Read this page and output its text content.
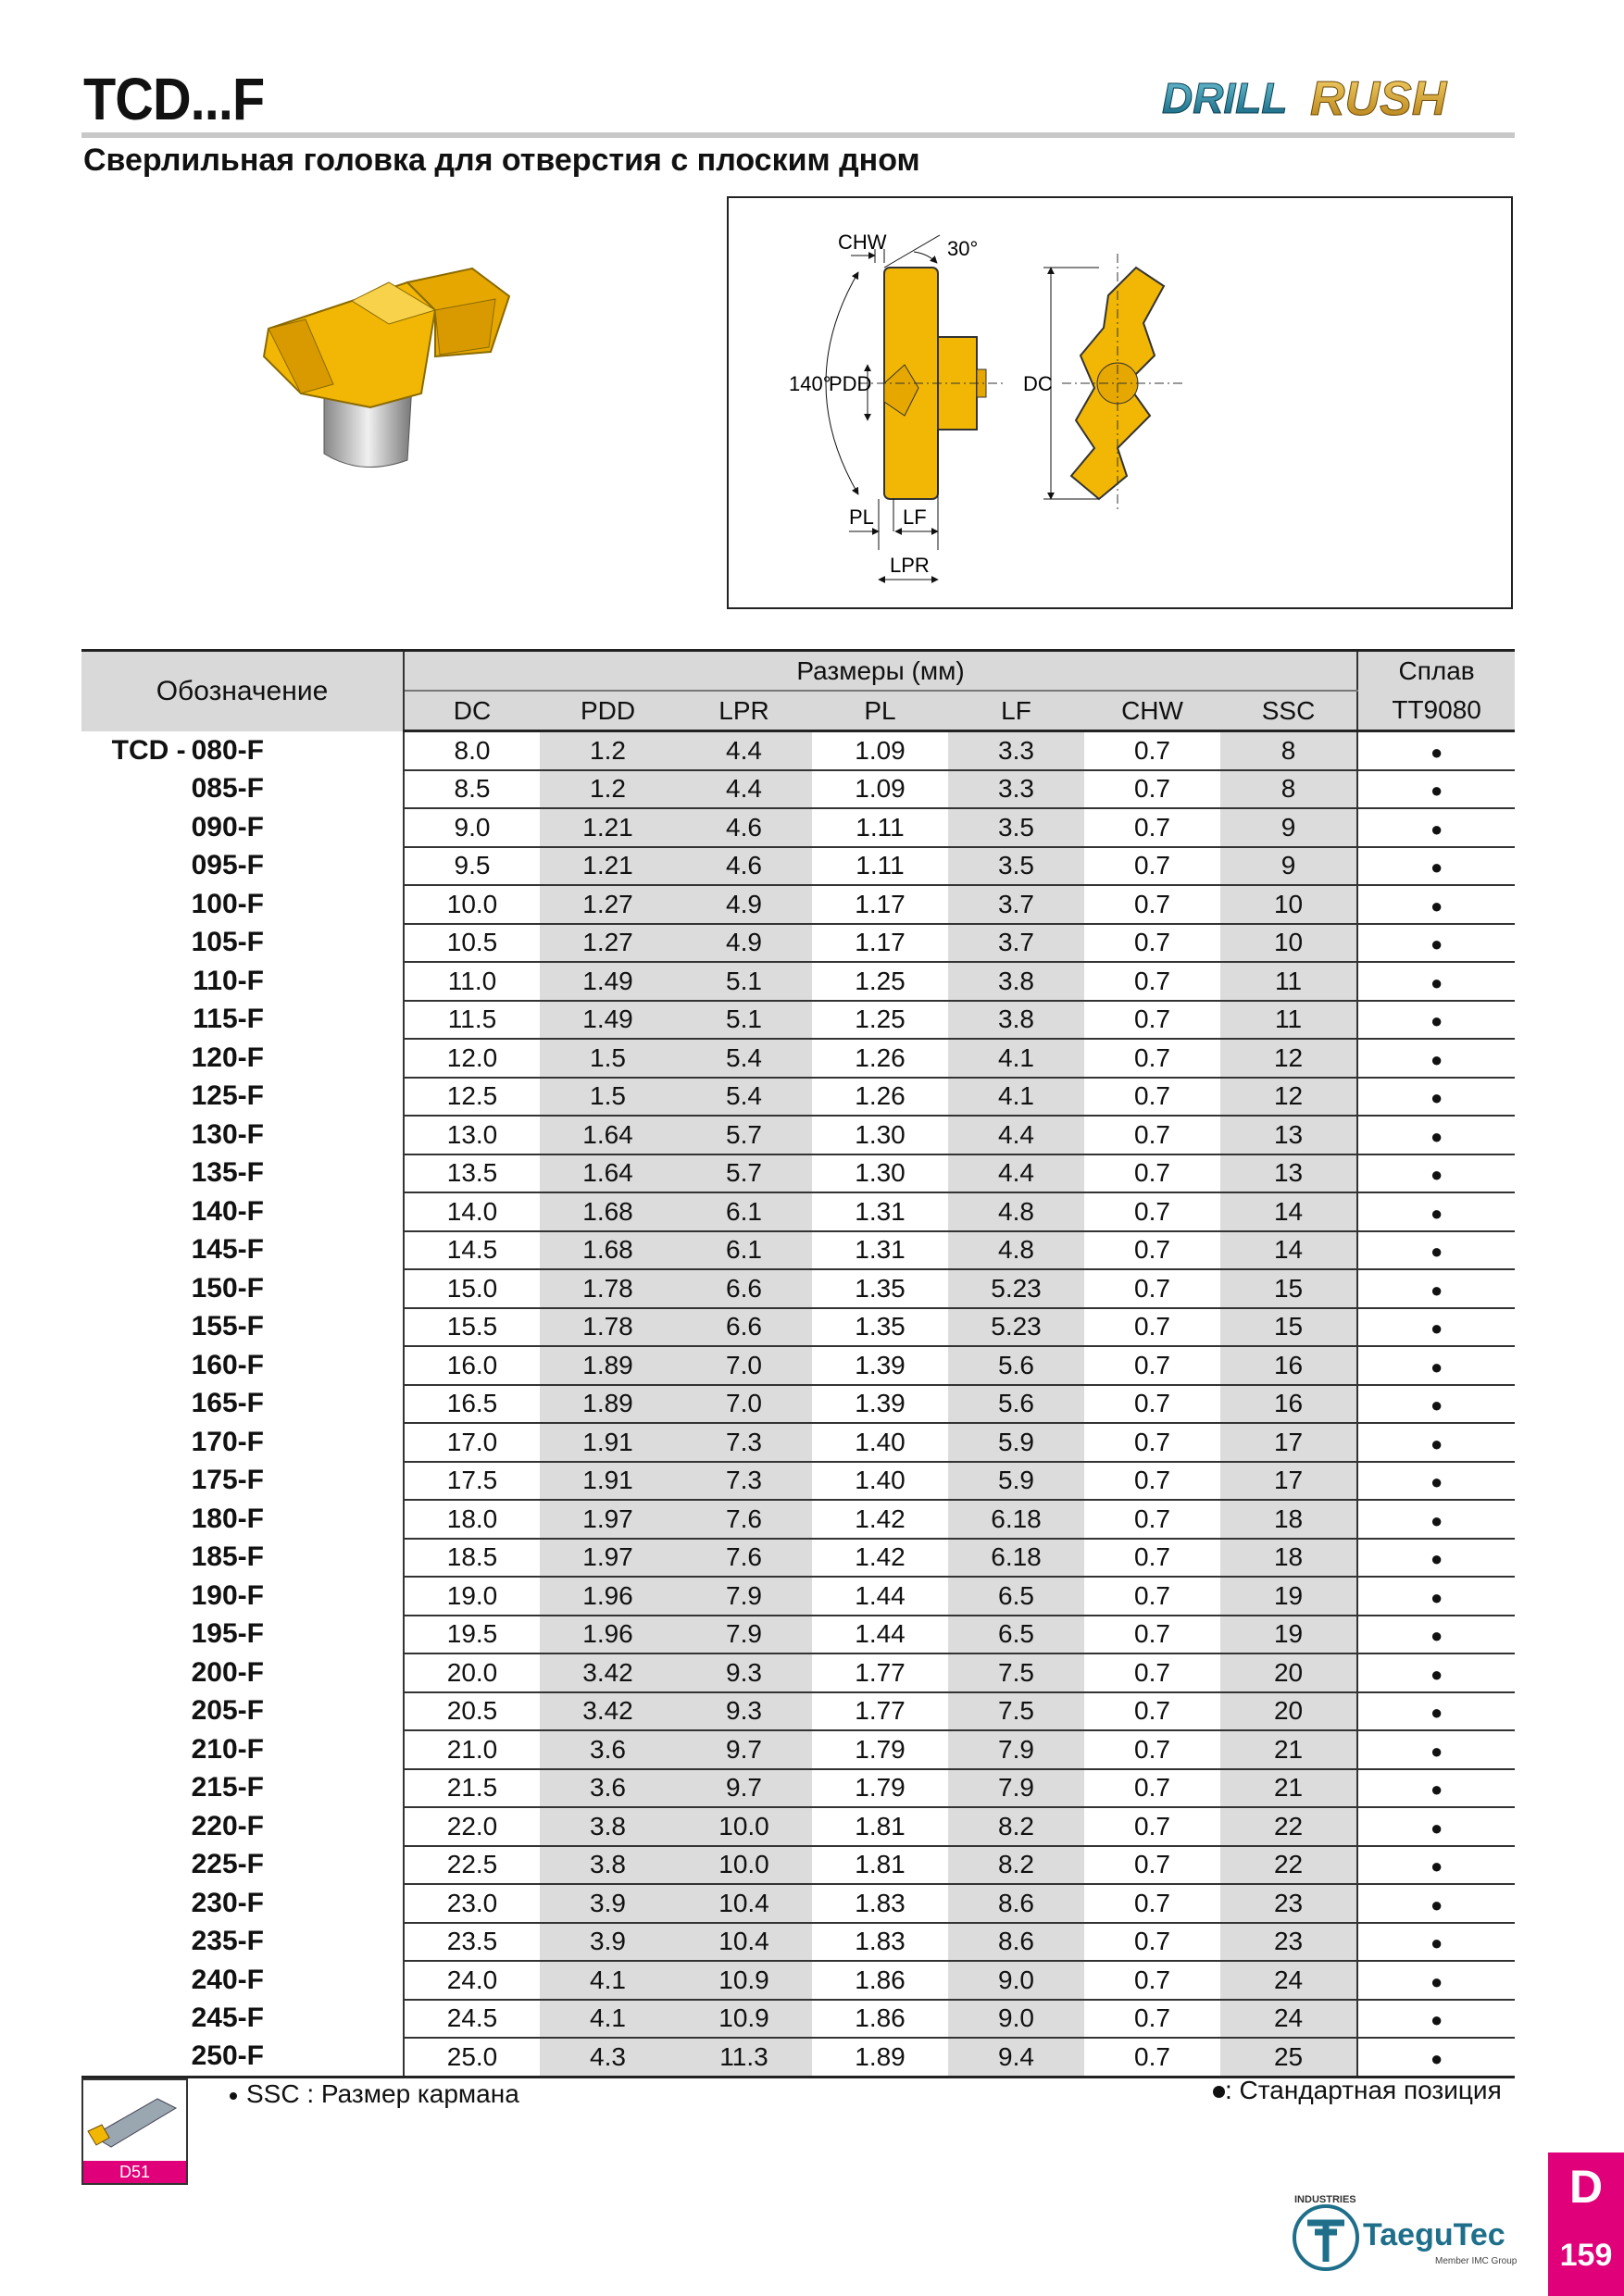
TCD...F	DRILL RUSH
Сверлильная головка для отверстия с плоским дном
CHW	30°
140°
PDD
PL LF
LPR
DC
Обозначение	Размеры (мм)							Сплав
	DC	PDD	LPR	PL	LF	CHW	SSC	TT9080
TCD - 080-F	8.0	1.2	4.4	1.09	3.3	0.7	8	●
085-F	8.5	1.2	4.4	1.09	3.3	0.7	8	●
090-F	9.0	1.21	4.6	1.11	3.5	0.7	9	●
095-F	9.5	1.21	4.6	1.11	3.5	0.7	9	●
100-F	10.0	1.27	4.9	1.17	3.7	0.7	10	●
105-F	10.5	1.27	4.9	1.17	3.7	0.7	10	●
110-F	11.0	1.49	5.1	1.25	3.8	0.7	11	●
115-F	11.5	1.49	5.1	1.25	3.8	0.7	11	●
120-F	12.0	1.5	5.4	1.26	4.1	0.7	12	●
125-F	12.5	1.5	5.4	1.26	4.1	0.7	12	●
130-F	13.0	1.64	5.7	1.30	4.4	0.7	13	●
135-F	13.5	1.64	5.7	1.30	4.4	0.7	13	●
140-F	14.0	1.68	6.1	1.31	4.8	0.7	14	●
145-F	14.5	1.68	6.1	1.31	4.8	0.7	14	●
150-F	15.0	1.78	6.6	1.35	5.23	0.7	15	●
155-F	15.5	1.78	6.6	1.35	5.23	0.7	15	●
160-F	16.0	1.89	7.0	1.39	5.6	0.7	16	●
165-F	16.5	1.89	7.0	1.39	5.6	0.7	16	●
170-F	17.0	1.91	7.3	1.40	5.9	0.7	17	●
175-F	17.5	1.91	7.3	1.40	5.9	0.7	17	●
180-F	18.0	1.97	7.6	1.42	6.18	0.7	18	●
185-F	18.5	1.97	7.6	1.42	6.18	0.7	18	●
190-F	19.0	1.96	7.9	1.44	6.5	0.7	19	●
195-F	19.5	1.96	7.9	1.44	6.5	0.7	19	●
200-F	20.0	3.42	9.3	1.77	7.5	0.7	20	●
205-F	20.5	3.42	9.3	1.77	7.5	0.7	20	●
210-F	21.0	3.6	9.7	1.79	7.9	0.7	21	●
215-F	21.5	3.6	9.7	1.79	7.9	0.7	21	●
220-F	22.0	3.8	10.0	1.81	8.2	0.7	22	●
225-F	22.5	3.8	10.0	1.81	8.2	0.7	22	●
230-F	23.0	3.9	10.4	1.83	8.6	0.7	23	●
235-F	23.5	3.9	10.4	1.83	8.6	0.7	23	●
240-F	24.0	4.1	10.9	1.86	9.0	0.7	24	●
245-F	24.5	4.1	10.9	1.86	9.0	0.7	24	●
250-F	25.0	4.3	11.3	1.89	9.4	0.7	25	●
D51
SSC : Размер кармана	: Стандартная позиция
INDUSTRIES
TaeguTec
Member IMC Group
D
159
